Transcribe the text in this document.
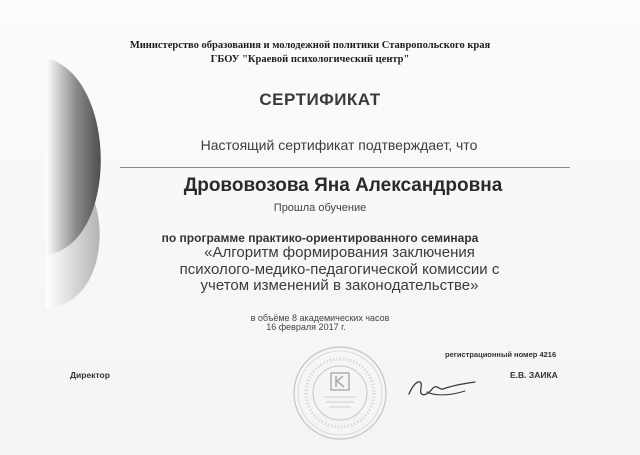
Министерство образования и молодежной политики Ставропольского края
ГБОУ "Краевой психологический центр"
СЕРТИФИКАТ
Настоящий сертификат подтверждает, что
Дрововозова Яна Александровна
Прошла обучение
по программе практико-ориентированного семинара
«Алгоритм формирования заключения
психолого-медико-педагогической комиссии с
учетом изменений в законодательстве»
в объёме 8 академических часов
16 февраля 2017 г.
регистрационный номер 4216
Директор	Е.В. ЗАИКА
